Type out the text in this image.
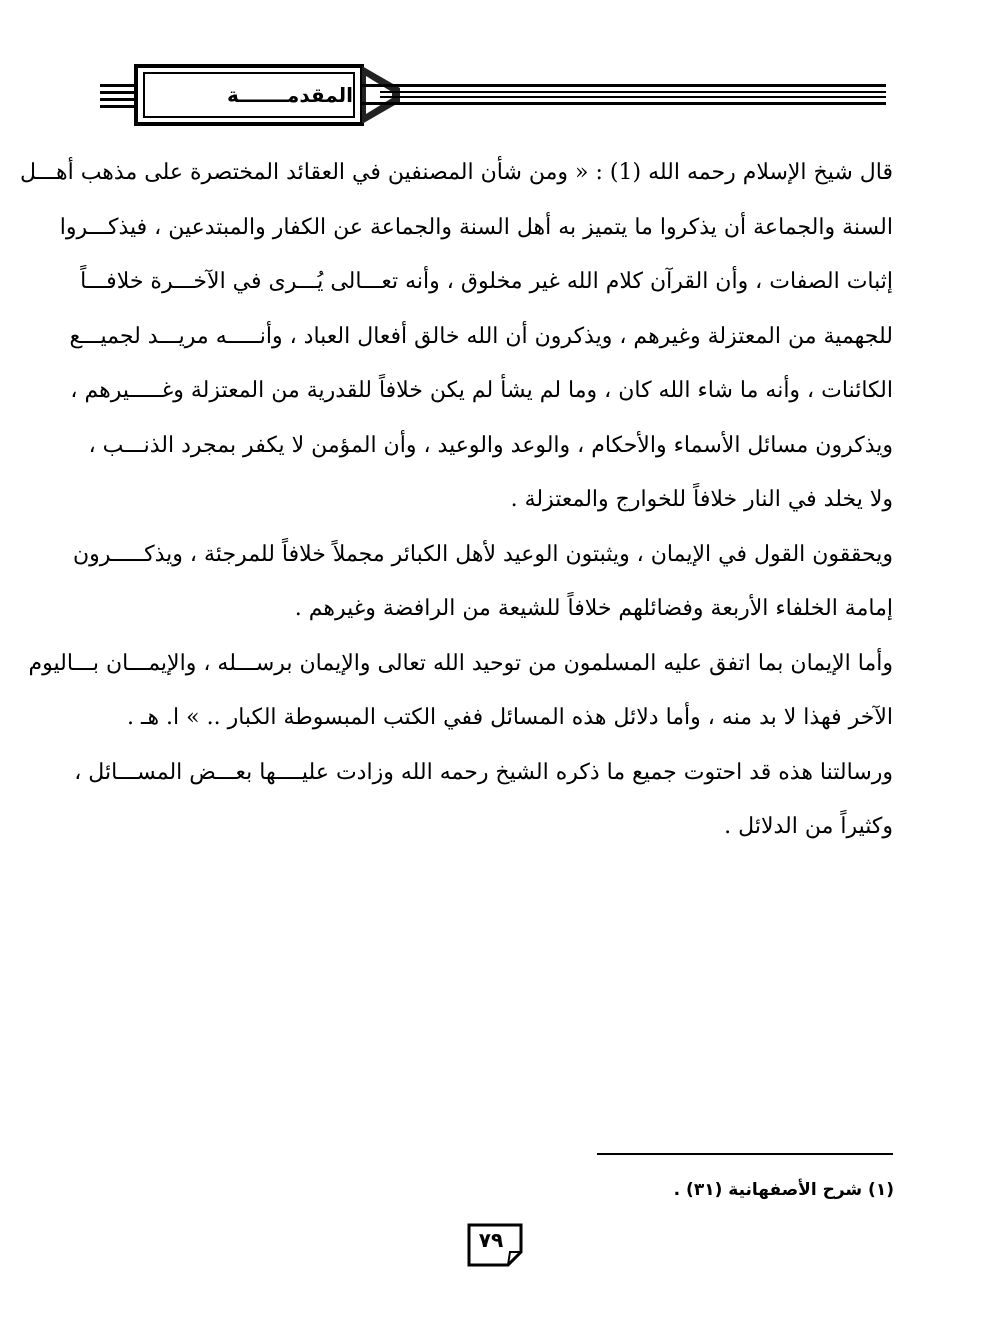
المقدمـــــــة

قال شيخ الإسلام رحمه الله (1) : « ومن شأن المصنفين في العقائد المختصرة على مذهب أهـــل
السنة والجماعة أن يذكروا ما يتميز به أهل السنة والجماعة عن الكفار والمبتدعين ، فيذكـــروا
إثبات الصفات ، وأن القرآن كلام الله غير مخلوق ، وأنه تعـــالى يُـــرى في الآخـــرة خلافـــاً
للجهمية من المعتزلة وغيرهم ، ويذكرون أن الله خالق أفعال العباد ، وأنـــــه مريـــد لجميـــع
الكائنات ، وأنه ما شاء الله كان ، وما لم يشأ لم يكن خلافاً للقدرية من المعتزلة وغـــــيرهم ،
ويذكرون مسائل الأسماء والأحكام ، والوعد والوعيد ، وأن المؤمن لا يكفر بمجرد الذنـــب ،
ولا يخلد في النار خلافاً للخوارج والمعتزلة .

ويحققون القول في الإيمان ، ويثبتون الوعيد لأهل الكبائر مجملاً خلافاً للمرجئة ، ويذكـــــرون
إمامة الخلفاء الأربعة وفضائلهم خلافاً للشيعة من الرافضة وغيرهم .

وأما الإيمان بما اتفق عليه المسلمون من توحيد الله تعالى والإيمان برســـله ، والإيمـــان بـــاليوم
الآخر فهذا لا بد منه ، وأما دلائل هذه المسائل ففي الكتب المبسوطة الكبار .. » ا. هـ .

ورسالتنا هذه قد احتوت جميع ما ذكره الشيخ رحمه الله وزادت عليــــها بعـــض المســـائل ،
وكثيراً من الدلائل .

(١) شرح الأصفهانية (٣١) .
٧٩
